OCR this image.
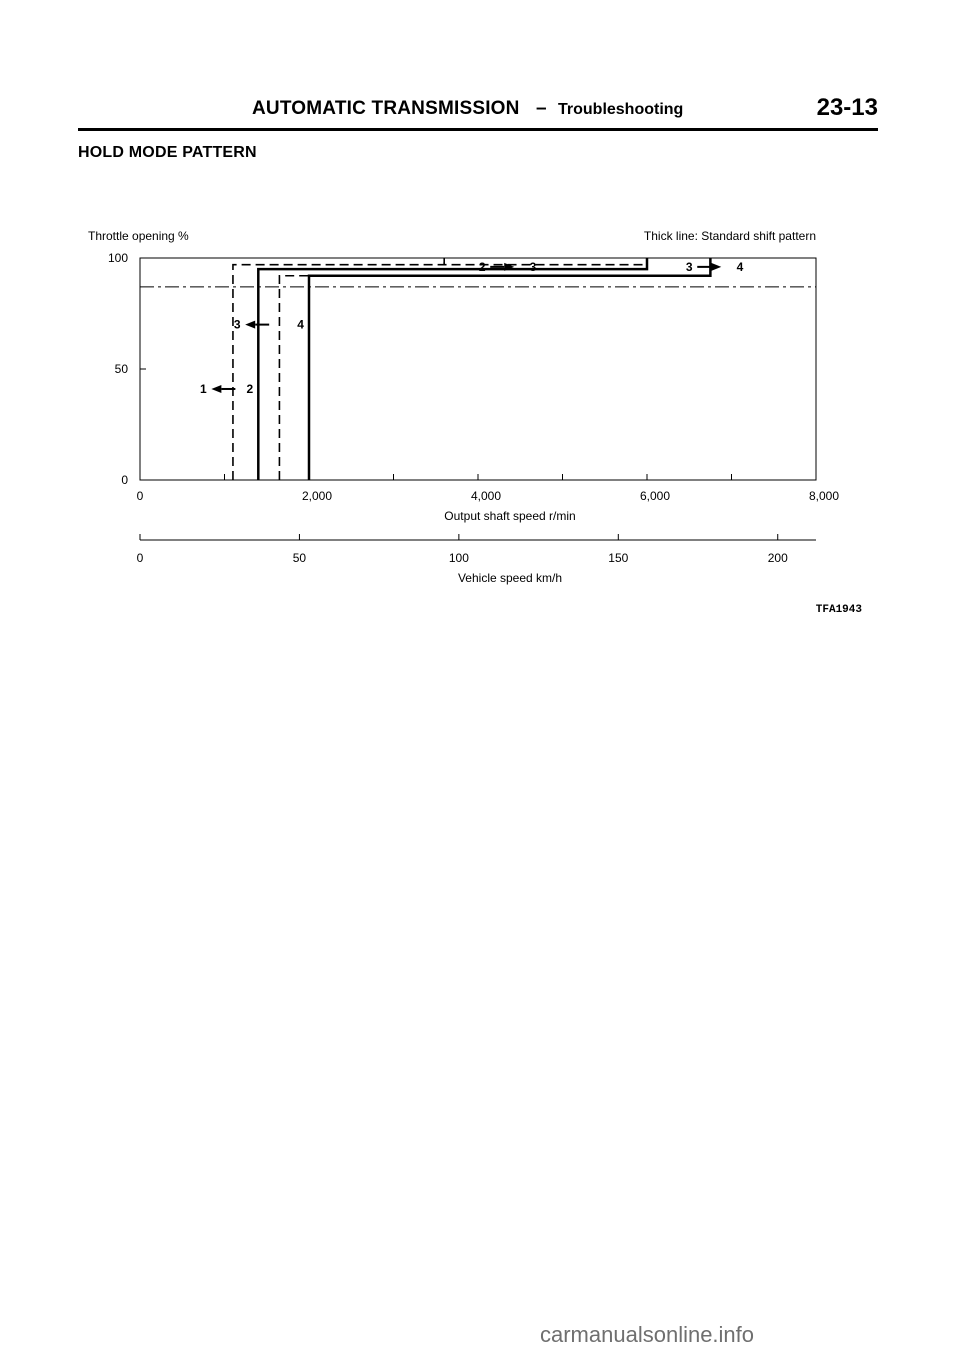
AUTOMATIC TRANSMISSION – Troubleshooting	23-13
HOLD MODE PATTERN
Throttle opening %	Thick line: Standard shift pattern
100
50
0
0	2,000	4,000	6,000	8,000
Output shaft speed r/min
0	50	100	150	200
Vehicle speed km/h
1	2
3	4
2	3	3	4
TFA1943
carmanualsonline.info
